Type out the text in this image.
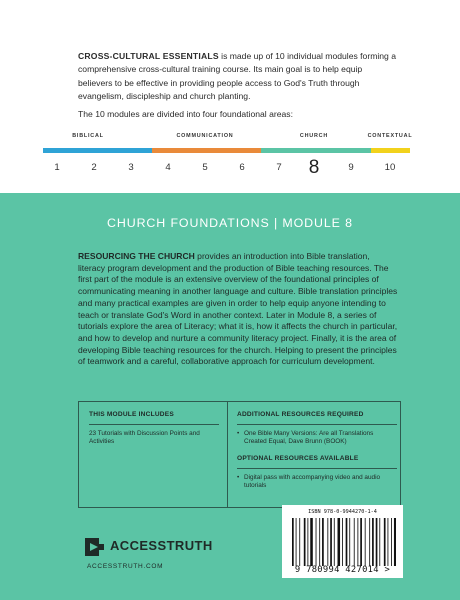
CROSS-CULTURAL ESSENTIALS is made up of 10 individual modules forming a comprehensive cross-cultural training course. Its main goal is to help equip believers to be effective in providing people access to God's Truth through evangelism, discipleship and church planting.

The 10 modules are divided into four foundational areas:

BIBLICAL	COMMUNICATION	CHURCH	CONTEXTUAL
1	2	3	4	5	6	7 8	9	10
CHURCH FOUNDATIONS | MODULE 8

RESOURCING THE CHURCH provides an introduction into Bible translation, literacy program development and the production of Bible teaching resources. The first part of the module is an extensive overview of the foundational principles of communicating meaning in another language and culture. Bible translation principles and many practical examples are given in order to help equip anyone intending to teach or translate God's Word in another context. Later in Module 8, a series of tutorials explore the area of Literacy; what it is, how it affects the church in particular, and how to develop and nurture a community literacy project. Finally, it is the area of developing Bible teaching resources for the church. Helping to present the principles of teamwork and a careful, collaborative approach for curriculum development.

THIS MODULE INCLUDES
23 Tutorials with Discussion Points and Activities
ADDITIONAL RESOURCES REQUIRED
• One Bible Many Versions: Are all Translations Created Equal, Dave Brunn (BOOK)
OPTIONAL RESOURCES AVAILABLE
• Digital pass with accompanying video and audio tutorials
ACCESSTRUTH
ACCESSTRUTH.COM
ISBN 978-0-9944270-1-4
9 780994 427014 >
